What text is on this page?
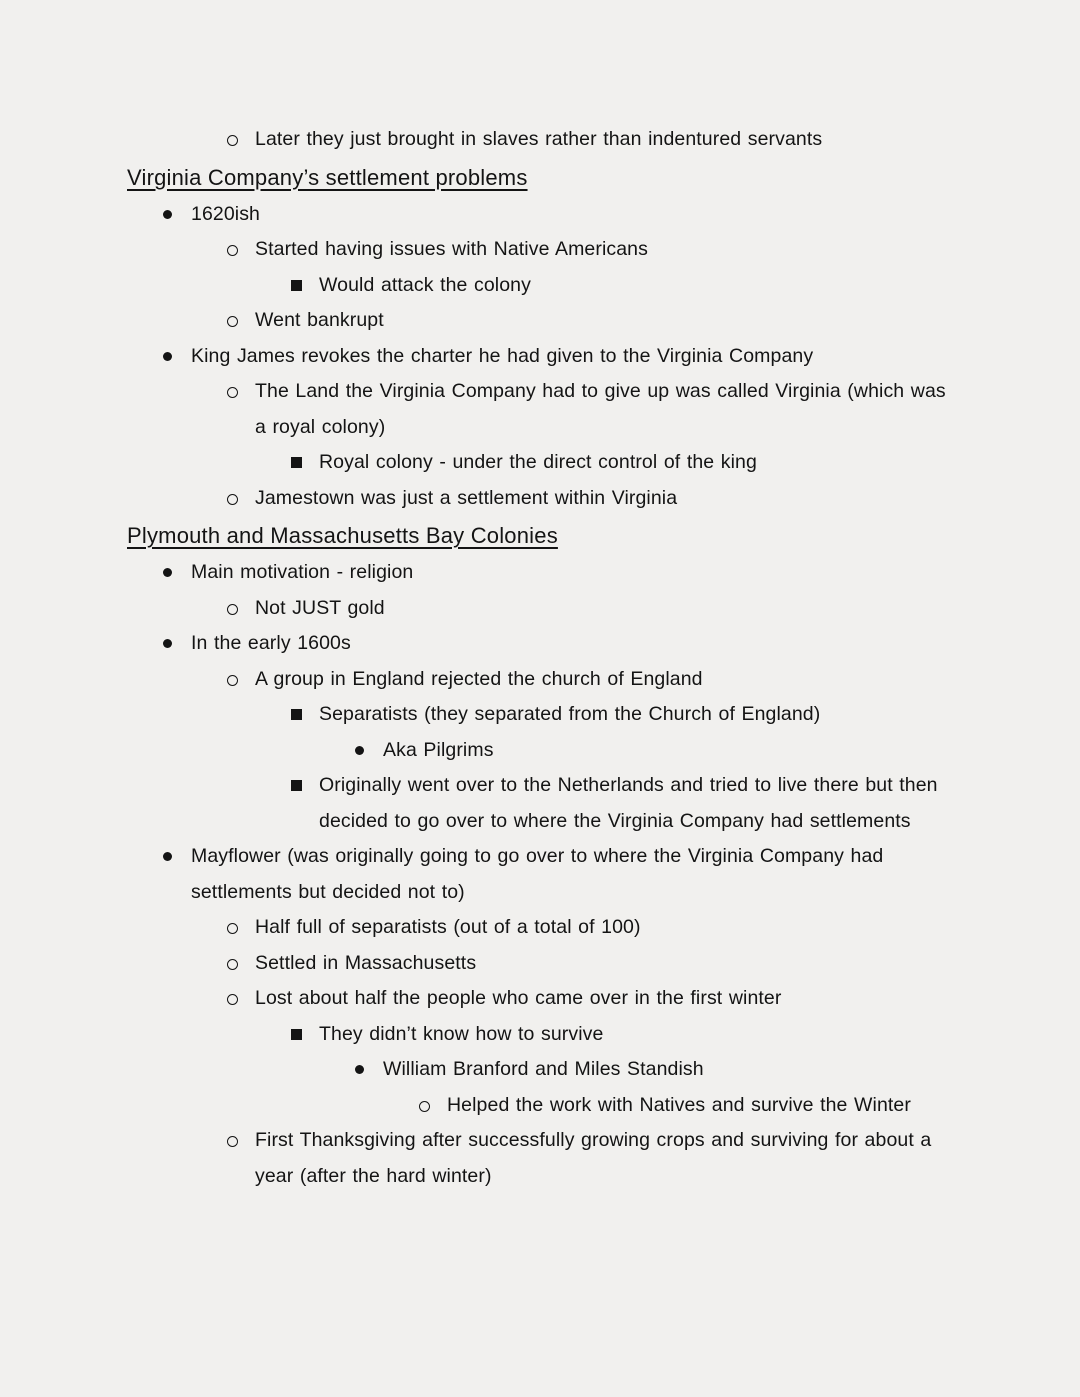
Later they just brought in slaves rather than indentured servants
Virginia Company’s settlement problems
1620ish
Started having issues with Native Americans
Would attack the colony
Went bankrupt
King James revokes the charter he had given to the Virginia Company
The Land the Virginia Company had to give up was called Virginia (which was a royal colony)
Royal colony - under the direct control of the king
Jamestown was just a settlement within Virginia
Plymouth and Massachusetts Bay Colonies
Main motivation - religion
Not JUST gold
In the early 1600s
A group in England rejected the church of England
Separatists (they separated from the Church of England)
Aka Pilgrims
Originally went over to the Netherlands and tried to live there but then decided to go over to where the Virginia Company had settlements
Mayflower (was originally going to go over to where the Virginia Company had settlements but decided not to)
Half full of separatists (out of a total of 100)
Settled in Massachusetts
Lost about half the people who came over in the first winter
They didn’t know how to survive
William Branford and Miles Standish
Helped the work with Natives and survive the Winter
First Thanksgiving after successfully growing crops and surviving for about a year (after the hard winter)
